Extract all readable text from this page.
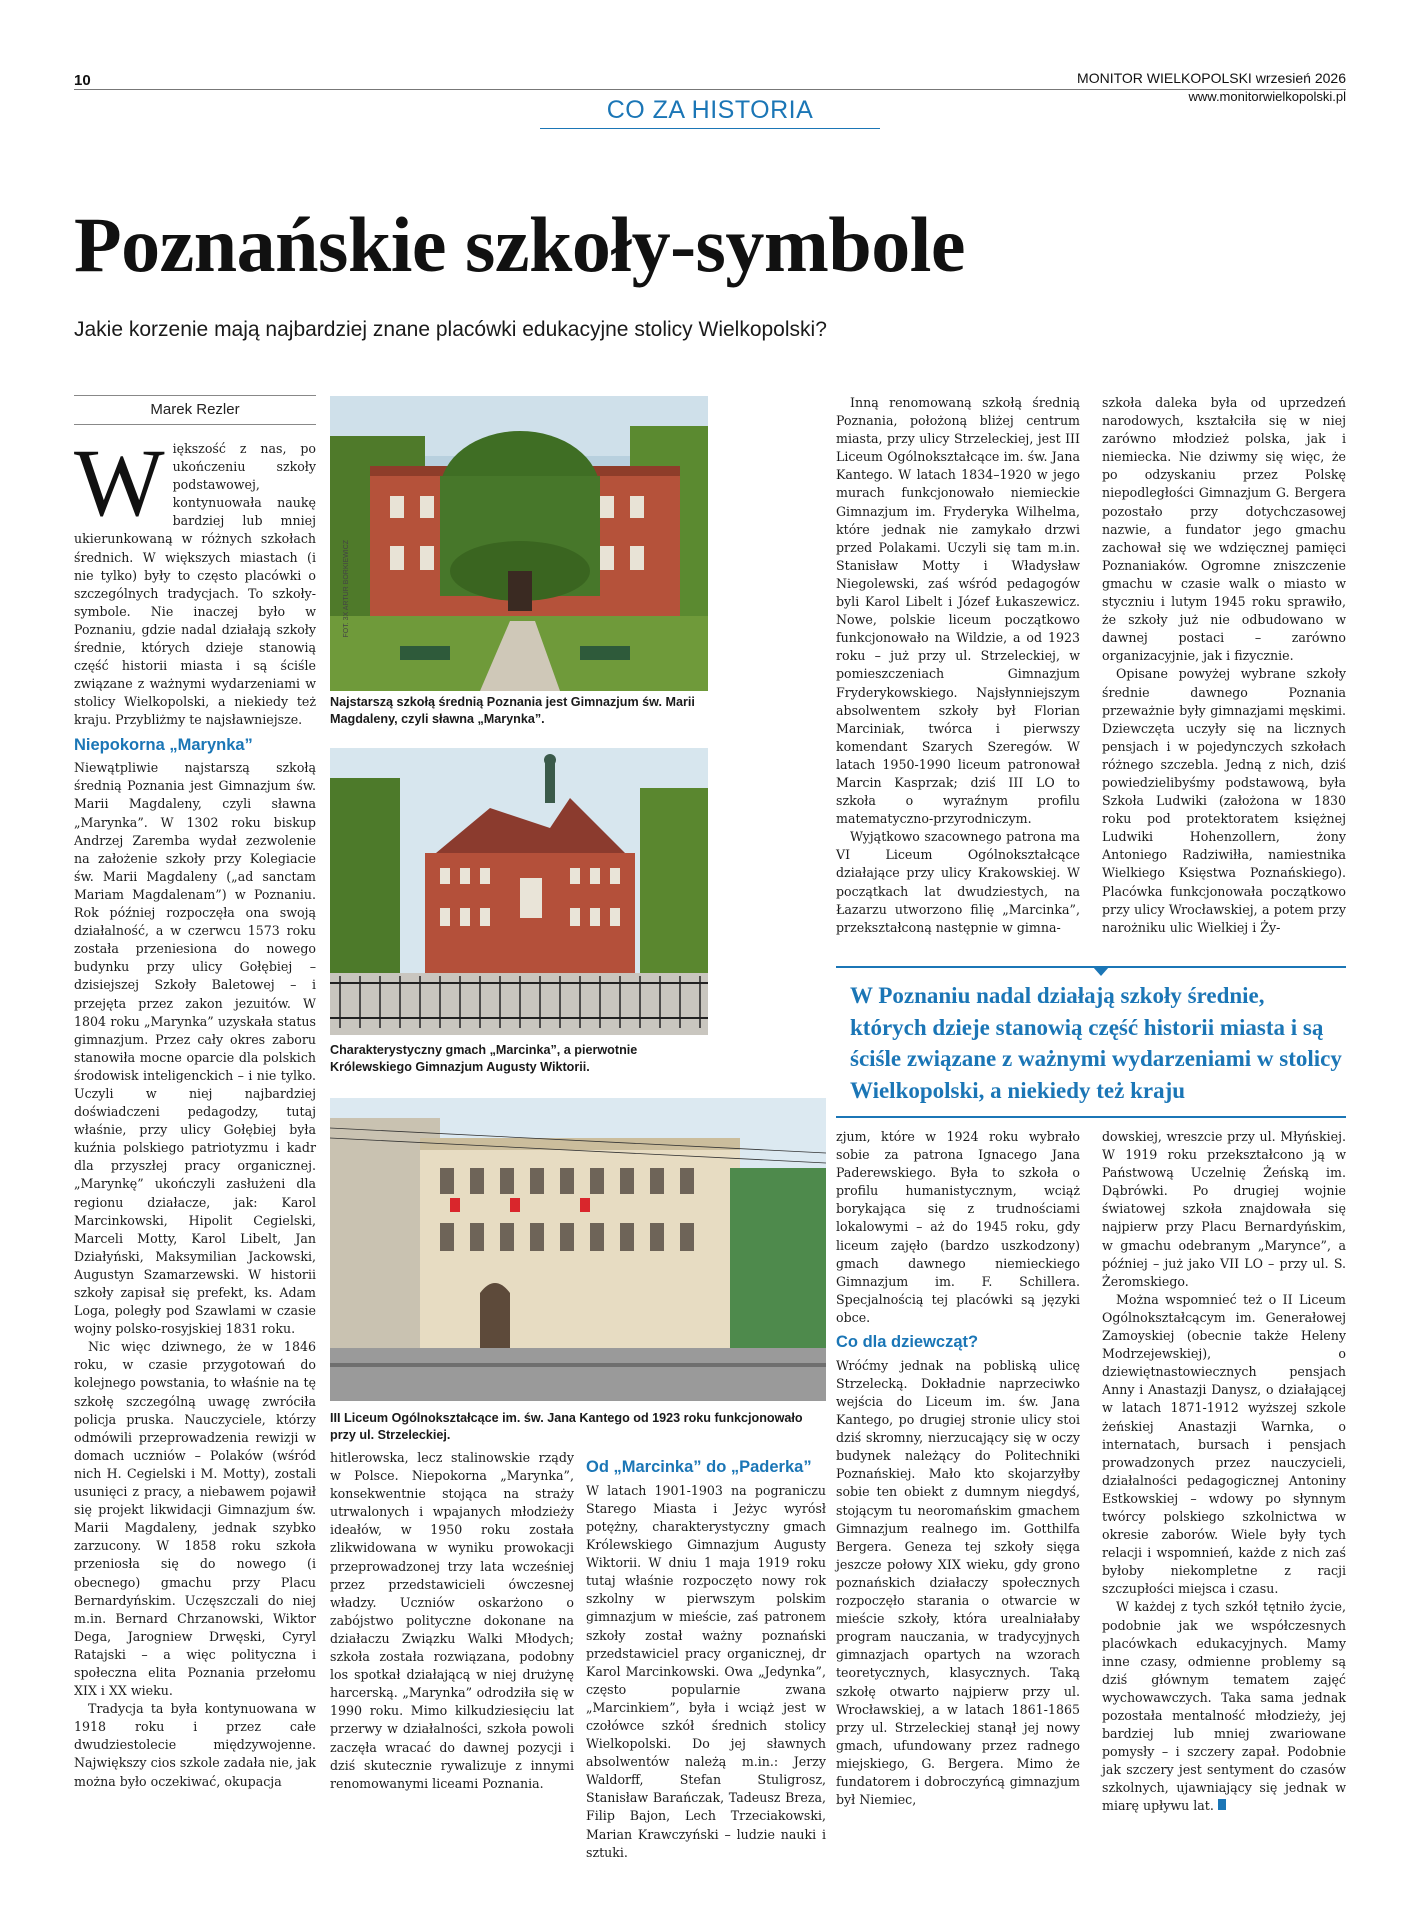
10	MONITOR WIELKOPOLSKI wrzesień 2026
www.monitorwielkopolski.pl
CO ZA HISTORIA
Poznańskie szkoły-symbole
Jakie korzenie mają najbardziej znane placówki edukacyjne stolicy Wielkopolski?
Marek Rezler

Większość z nas, po ukończeniu szkoły podstawowej, kontynuowała naukę bardziej lub mniej ukierunkowaną w różnych szkołach średnich. W większych miastach (i nie tylko) były to często placówki o szczególnych tradycjach. To szkoły-symbole. Nie inaczej było w Poznaniu, gdzie nadal działają szkoły średnie, których dzieje stanowią część historii miasta i są ściśle związane z ważnymi wydarzeniami w stolicy Wielkopolski, a niekiedy też kraju. Przybliżmy te najsławniejsze.

Niepokorna „Marynka”

Niewątpliwie najstarszą szkołą średnią Poznania jest Gimnazjum św. Marii Magdaleny, czyli sławna „Marynka”. W 1302 roku biskup Andrzej Zaremba wydał zezwolenie na założenie szkoły przy Kolegiacie św. Marii Magdaleny („ad sanctam Mariam Magdalenam”) w Poznaniu. Rok później rozpoczęła ona swoją działalność, a w czerwcu 1573 roku została przeniesiona do nowego budynku przy ulicy Gołębiej – dzisiejszej Szkoły Baletowej – i przejęta przez zakon jezuitów. W 1804 roku „Marynka” uzyskała status gimnazjum. Przez cały okres zaboru stanowiła mocne oparcie dla polskich środowisk inteligenckich – i nie tylko. Uczyli w niej najbardziej doświadczeni pedagodzy, tutaj właśnie, przy ulicy Gołębiej była kuźnia polskiego patriotyzmu i kadr dla przyszłej pracy organicznej. „Marynkę” ukończyli zasłużeni dla regionu działacze, jak: Karol Marcinkowski, Hipolit Cegielski, Marceli Motty, Karol Libelt, Jan Działyński, Maksymilian Jackowski, Augustyn Szamarzewski. W historii szkoły zapisał się prefekt, ks. Adam Loga, poległy pod Szawlami w czasie wojny polsko-rosyjskiej 1831 roku.

Nic więc dziwnego, że w 1846 roku, w czasie przygotowań do kolejnego powstania, to właśnie na tę szkołę szczególną uwagę zwróciła policja pruska. Nauczyciele, którzy odmówili przeprowadzenia rewizji w domach uczniów – Polaków (wśród nich H. Cegielski i M. Motty), zostali usunięci z pracy, a niebawem pojawił się projekt likwidacji Gimnazjum św. Marii Magdaleny, jednak szybko zarzucony. W 1858 roku szkoła przeniosła się do nowego (i obecnego) gmachu przy Placu Bernardyńskim. Uczęszczali do niej m.in. Bernard Chrzanowski, Wiktor Dega, Jarogniew Drwęski, Cyryl Ratajski – a więc polityczna i społeczna elita Poznania przełomu XIX i XX wieku.

Tradycja ta była kontynuowana w 1918 roku i przez całe dwudziestolecie międzywojenne. Największy cios szkole zadała nie, jak można było oczekiwać, okupacja

FOT. 3X ARTUR BORKIEWICZ
Najstarszą szkołą średnią Poznania jest Gimnazjum św. Marii Magdaleny, czyli sławna „Marynka”.
Charakterystyczny gmach „Marcinka”, a pierwotnie Królewskiego Gimnazjum Augusty Wiktorii.
III Liceum Ogólnokształcące im. św. Jana Kantego od 1923 roku funkcjonowało przy ul. Strzeleckiej.

hitlerowska, lecz stalinowskie rządy w Polsce. Niepokorna „Marynka”, konsekwentnie stojąca na straży utrwalonych i wpajanych młodzieży ideałów, w 1950 roku została zlikwidowana w wyniku prowokacji przeprowadzonej trzy lata wcześniej przez przedstawicieli ówczesnej władzy. Uczniów oskarżono o zabójstwo polityczne dokonane na działaczu Związku Walki Młodych; szkoła została rozwiązana, podobny los spotkał działającą w niej drużynę harcerską. „Marynka” odrodziła się w 1990 roku. Mimo kilkudziesięciu lat przerwy w działalności, szkoła powoli zaczęła wracać do dawnej pozycji i dziś skutecznie rywalizuje z innymi renomowanymi liceami Poznania.

Od „Marcinka” do „Paderka”

W latach 1901-1903 na pograniczu Starego Miasta i Jeżyc wyrósł potężny, charakterystyczny gmach Królewskiego Gimnazjum Augusty Wiktorii. W dniu 1 maja 1919 roku tutaj właśnie rozpoczęto nowy rok szkolny w pierwszym polskim gimnazjum w mieście, zaś patronem szkoły został ważny poznański przedstawiciel pracy organicznej, dr Karol Marcinkowski. Owa „Jedynka”, często popularnie zwana „Marcinkiem”, była i wciąż jest w czołówce szkół średnich stolicy Wielkopolski. Do jej sławnych absolwentów należą m.in.: Jerzy Waldorff, Stefan Stuligrosz, Stanisław Barańczak, Tadeusz Breza, Filip Bajon, Lech Trzeciakowski, Marian Krawczyński – ludzie nauki i sztuki.

Inną renomowaną szkołą średnią Poznania, położoną bliżej centrum miasta, przy ulicy Strzeleckiej, jest III Liceum Ogólnokształcące im. św. Jana Kantego. W latach 1834–1920 w jego murach funkcjonowało niemieckie Gimnazjum im. Fryderyka Wilhelma, które jednak nie zamykało drzwi przed Polakami. Uczyli się tam m.in. Stanisław Motty i Władysław Niegolewski, zaś wśród pedagogów byli Karol Libelt i Józef Łukaszewicz. Nowe, polskie liceum początkowo funkcjonowało na Wildzie, a od 1923 roku – już przy ul. Strzeleckiej, w pomieszczeniach Gimnazjum Fryderykowskiego. Najsłynniejszym absolwentem szkoły był Florian Marciniak, twórca i pierwszy komendant Szarych Szeregów. W latach 1950-1990 liceum patronował Marcin Kasprzak; dziś III LO to szkoła o wyraźnym profilu matematyczno-przyrodniczym.

Wyjątkowo szacownego patrona ma VI Liceum Ogólnokształcące działające przy ulicy Krakowskiej. W początkach lat dwudziestych, na Łazarzu utworzono filię „Marcinka”, przekształconą następnie w gimna-

szkoła daleka była od uprzedzeń narodowych, kształciła się w niej zarówno młodzież polska, jak i niemiecka. Nie dziwmy się więc, że po odzyskaniu przez Polskę niepodległości Gimnazjum G. Bergera pozostało przy dotychczasowej nazwie, a fundator jego gmachu zachował się we wdzięcznej pamięci Poznaniaków. Ogromne zniszczenie gmachu w czasie walk o miasto w styczniu i lutym 1945 roku sprawiło, że szkoły już nie odbudowano w dawnej postaci – zarówno organizacyjnie, jak i fizycznie.

Opisane powyżej wybrane szkoły średnie dawnego Poznania przeważnie były gimnazjami męskimi. Dziewczęta uczyły się na licznych pensjach i w pojedynczych szkołach różnego szczebla. Jedną z nich, dziś powiedzielibyśmy podstawową, była Szkoła Ludwiki (założona w 1830 roku pod protektoratem księżnej Ludwiki Hohenzollern, żony Antoniego Radziwiłła, namiestnika Wielkiego Księstwa Poznańskiego). Placówka funkcjonowała początkowo przy ulicy Wrocławskiej, a potem przy narożniku ulic Wielkiej i Ży-

W Poznaniu nadal działają szkoły średnie, których dzieje stanowią część historii miasta i są ściśle związane z ważnymi wydarzeniami w stolicy Wielkopolski, a niekiedy też kraju

zjum, które w 1924 roku wybrało sobie za patrona Ignacego Jana Paderewskiego. Była to szkoła o profilu humanistycznym, wciąż borykająca się z trudnościami lokalowymi – aż do 1945 roku, gdy liceum zajęło (bardzo uszkodzony) gmach dawnego niemieckiego Gimnazjum im. F. Schillera. Specjalnością tej placówki są języki obce.

Co dla dziewcząt?

Wróćmy jednak na pobliską ulicę Strzelecką. Dokładnie naprzeciwko wejścia do Liceum im. św. Jana Kantego, po drugiej stronie ulicy stoi dziś skromny, nierzucający się w oczy budynek należący do Politechniki Poznańskiej. Mało kto skojarzyłby sobie ten obiekt z dumnym niegdyś, stojącym tu neoromańskim gmachem Gimnazjum realnego im. Gotthilfa Bergera. Geneza tej szkoły sięga jeszcze połowy XIX wieku, gdy grono poznańskich działaczy społecznych rozpoczęło starania o otwarcie w mieście szkoły, która urealniałaby program nauczania, w tradycyjnych gimnazjach opartych na wzorach teoretycznych, klasycznych. Taką szkołę otwarto najpierw przy ul. Wrocławskiej, a w latach 1861-1865 przy ul. Strzeleckiej stanął jej nowy gmach, ufundowany przez radnego miejskiego, G. Bergera. Mimo że fundatorem i dobroczyńcą gimnazjum był Niemiec,

dowskiej, wreszcie przy ul. Młyńskiej. W 1919 roku przekształcono ją w Państwową Uczelnię Żeńską im. Dąbrówki. Po drugiej wojnie światowej szkoła znajdowała się najpierw przy Placu Bernardyńskim, w gmachu odebranym „Marynce”, a później – już jako VII LO – przy ul. S. Żeromskiego.

Można wspomnieć też o II Liceum Ogólnokształcącym im. Generałowej Zamoyskiej (obecnie także Heleny Modrzejewskiej), o dziewiętnastowiecznych pensjach Anny i Anastazji Danysz, o działającej w latach 1871-1912 wyższej szkole żeńskiej Anastazji Warnka, o internatach, bursach i pensjach prowadzonych przez nauczycieli, działalności pedagogicznej Antoniny Estkowskiej – wdowy po słynnym twórcy polskiego szkolnictwa w okresie zaborów. Wiele były tych relacji i wspomnień, każde z nich zaś byłoby niekompletne z racji szczupłości miejsca i czasu.

W każdej z tych szkół tętniło życie, podobnie jak we współczesnych placówkach edukacyjnych. Mamy inne czasy, odmienne problemy są dziś głównym tematem zajęć wychowawczych. Taka sama jednak pozostała mentalność młodzieży, jej bardziej lub mniej zwariowane pomysły – i szczery zapał. Podobnie jak szczery jest sentyment do czasów szkolnych, ujawniający się jednak w miarę upływu lat.
